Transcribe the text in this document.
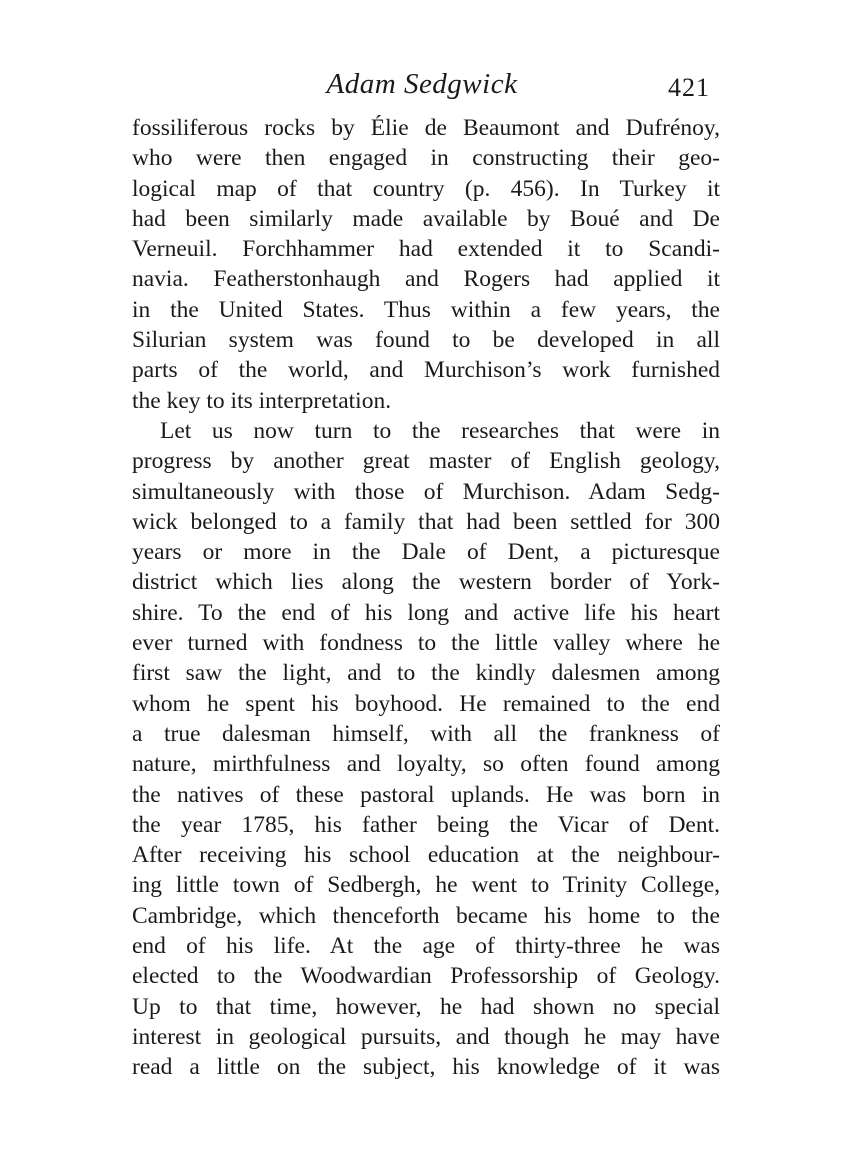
Adam Sedgwick	421
fossiliferous rocks by Élie de Beaumont and Dufrénoy,
who were then engaged in constructing their geo-
logical map of that country (p. 456). In Turkey it
had been similarly made available by Boué and De
Verneuil. Forchhammer had extended it to Scandi-
navia. Featherstonhaugh and Rogers had applied it
in the United States. Thus within a few years, the
Silurian system was found to be developed in all
parts of the world, and Murchison’s work furnished
the key to its interpretation.
Let us now turn to the researches that were in
progress by another great master of English geology,
simultaneously with those of Murchison. Adam Sedg-
wick belonged to a family that had been settled for 300
years or more in the Dale of Dent, a picturesque
district which lies along the western border of York-
shire. To the end of his long and active life his heart
ever turned with fondness to the little valley where he
first saw the light, and to the kindly dalesmen among
whom he spent his boyhood. He remained to the end
a true dalesman himself, with all the frankness of
nature, mirthfulness and loyalty, so often found among
the natives of these pastoral uplands. He was born in
the year 1785, his father being the Vicar of Dent.
After receiving his school education at the neighbour-
ing little town of Sedbergh, he went to Trinity College,
Cambridge, which thenceforth became his home to the
end of his life. At the age of thirty-three he was
elected to the Woodwardian Professorship of Geology.
Up to that time, however, he had shown no special
interest in geological pursuits, and though he may have
read a little on the subject, his knowledge of it was
